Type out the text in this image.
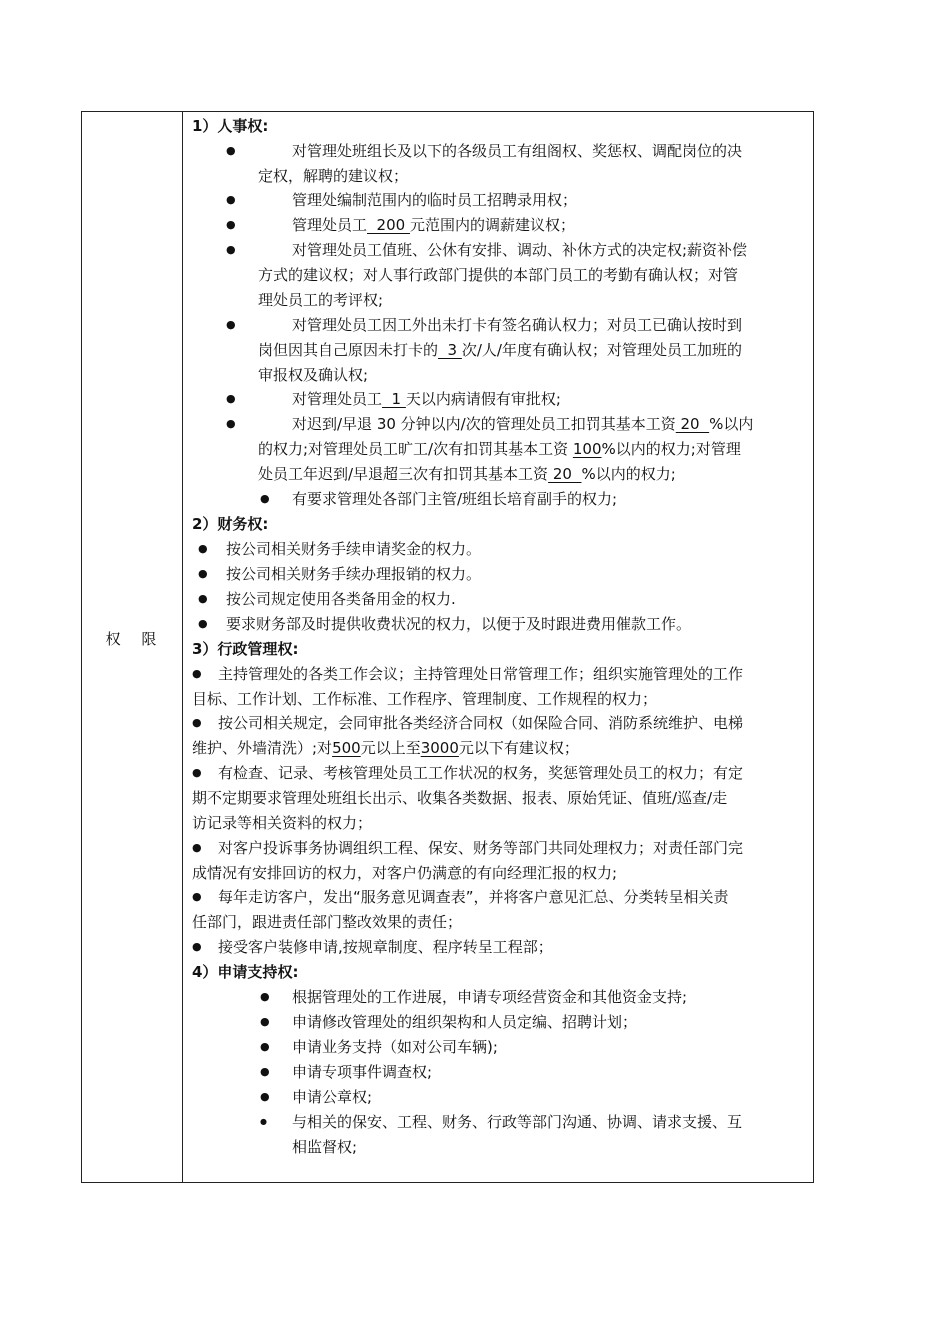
权 限
1）人事权:
●	对管理处班组长及以下的各级员工有组阁权、奖惩权、调配岗位的决
定权，解聘的建议权；
●	管理处编制范围内的临时员工招聘录用权；
●	管理处员工  200 元范围内的调薪建议权；
●	对管理处员工值班、公休有安排、调动、补休方式的决定权;薪资补偿
方式的建议权；对人事行政部门提供的本部门员工的考勤有确认权；对管
理处员工的考评权;
●	对管理处员工因工外出未打卡有签名确认权力；对员工已确认按时到
岗但因其自己原因未打卡的  3 次/人/年度有确认权；对管理处员工加班的
审报权及确认权;
●	对管理处员工  1 天以内病请假有审批权;
●	对迟到/早退 30 分钟以内/次的管理处员工扣罚其基本工资 20  %以内
的权力;对管理处员工旷工/次有扣罚其基本工资 100%以内的权力;对管理
处员工年迟到/早退超三次有扣罚其基本工资 20  %以内的权力;
● 有要求管理处各部门主管/班组长培育副手的权力;
2）财务权:
● 按公司相关财务手续申请奖金的权力。
● 按公司相关财务手续办理报销的权力。
● 按公司规定使用各类备用金的权力.
● 要求财务部及时提供收费状况的权力，以便于及时跟进费用催款工作。
3）行政管理权:
● 主持管理处的各类工作会议；主持管理处日常管理工作；组织实施管理处的工作
目标、工作计划、工作标准、工作程序、管理制度、工作规程的权力；
● 按公司相关规定，会同审批各类经济合同权（如保险合同、消防系统维护、电梯
维护、外墙清洗）;对500元以上至3000元以下有建议权；
● 有检查、记录、考核管理处员工工作状况的权务，奖惩管理处员工的权力；有定
期不定期要求管理处班组长出示、收集各类数据、报表、原始凭证、值班/巡查/走
访记录等相关资料的权力；
● 对客户投诉事务协调组织工程、保安、财务等部门共同处理权力；对责任部门完
成情况有安排回访的权力，对客户仍满意的有向经理汇报的权力;
● 每年走访客户，发出“服务意见调查表”，并将客户意见汇总、分类转呈相关责
任部门，跟进责任部门整改效果的责任；
● 接受客户装修申请,按规章制度、程序转呈工程部；
4）申请支持权:
● 根据管理处的工作进展，申请专项经营资金和其他资金支持;
● 申请修改管理处的组织架构和人员定编、招聘计划；
● 申请业务支持（如对公司车辆);
● 申请专项事件调查权;
● 申请公章权;
● 与相关的保安、工程、财务、行政等部门沟通、协调、请求支援、互
相监督权;
